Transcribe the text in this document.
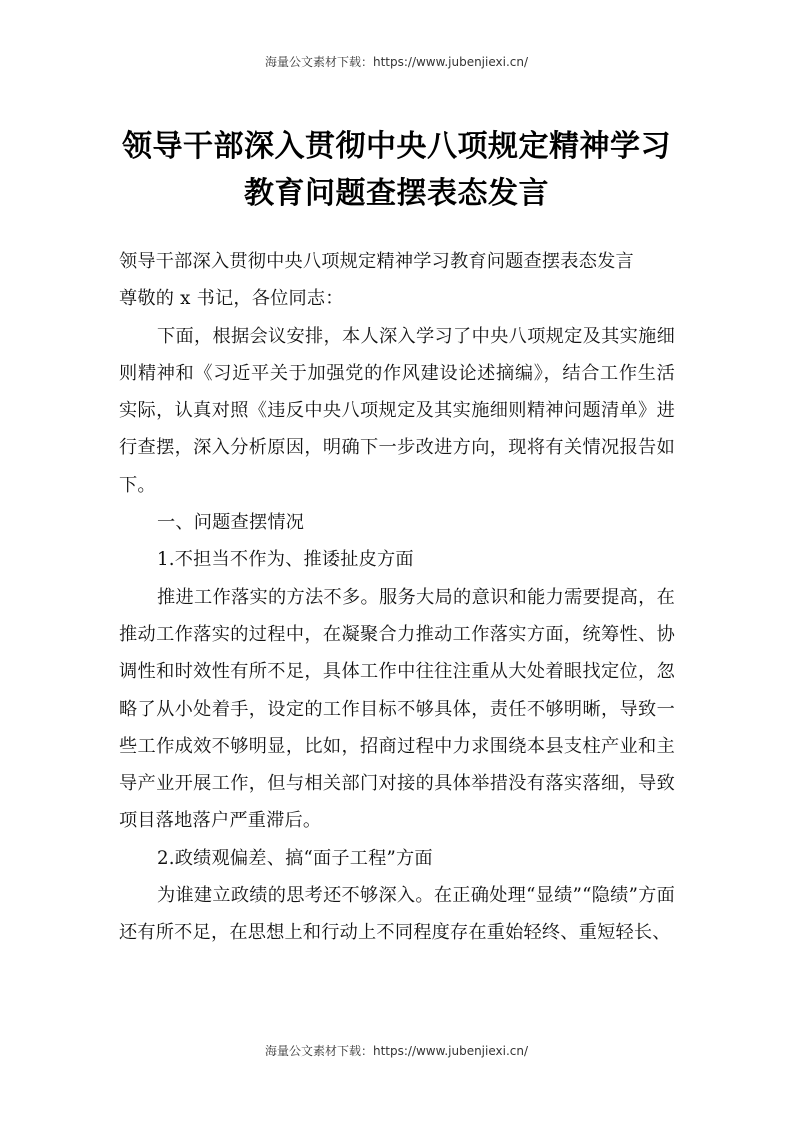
海量公文素材下载：https://www.jubenjiexi.cn/
领导干部深入贯彻中央八项规定精神学习
教育问题查摆表态发言

领导干部深入贯彻中央八项规定精神学习教育问题查摆表态发言

尊敬的 x 书记，各位同志：

下面，根据会议安排，本人深入学习了中央八项规定及其实施细则精神和《习近平关于加强党的作风建设论述摘编》，结合工作生活实际，认真对照《违反中央八项规定及其实施细则精神问题清单》进行查摆，深入分析原因，明确下一步改进方向，现将有关情况报告如下。

一、问题查摆情况

1.不担当不作为、推诿扯皮方面

推进工作落实的方法不多。服务大局的意识和能力需要提高，在推动工作落实的过程中，在凝聚合力推动工作落实方面，统筹性、协调性和时效性有所不足，具体工作中往往注重从大处着眼找定位，忽略了从小处着手，设定的工作目标不够具体，责任不够明晰，导致一些工作成效不够明显，比如，招商过程中力求围绕本县支柱产业和主导产业开展工作，但与相关部门对接的具体举措没有落实落细，导致项目落地落户严重滞后。

2.政绩观偏差、搞“面子工程”方面

为谁建立政绩的思考还不够深入。在正确处理“显绩”“隐绩”方面还有所不足，在思想上和行动上不同程度存在重始轻终、重短轻长、

海量公文素材下载：https://www.jubenjiexi.cn/
